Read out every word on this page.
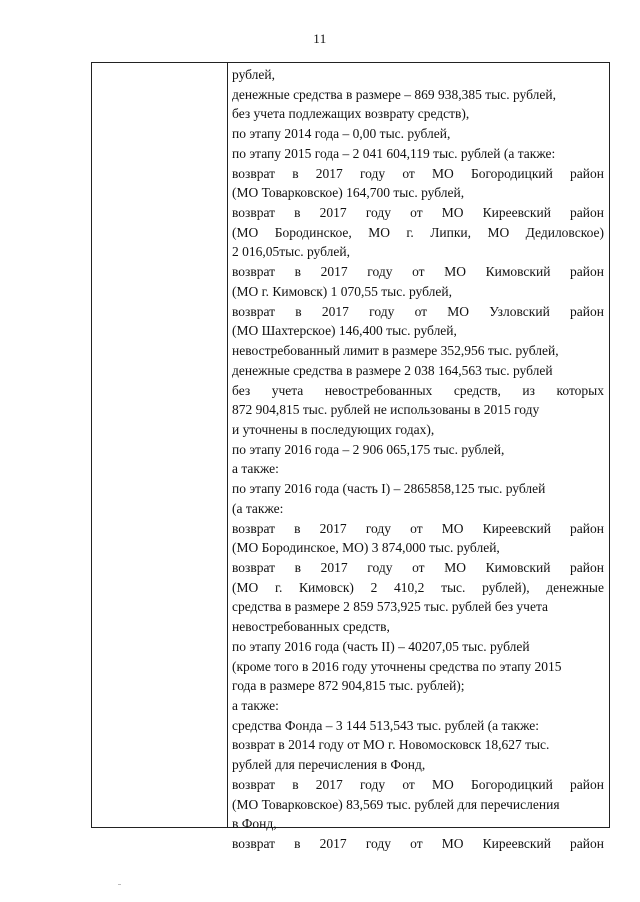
11
рублей,
денежные средства в размере – 869 938,385 тыс. рублей,
без учета подлежащих возврату средств),
по этапу 2014 года – 0,00 тыс. рублей,
по этапу 2015 года – 2 041 604,119 тыс. рублей (а также:
возврат в 2017 году от МО Богородицкий район
(МО Товарковское) 164,700 тыс. рублей,
возврат в 2017 году от МО Киреевский район
(МО Бородинское, МО г. Липки, МО Дедиловское)
2 016,05тыс. рублей,
возврат в 2017 году от МО Кимовский район
(МО г. Кимовск) 1 070,55 тыс. рублей,
возврат в 2017 году от МО Узловский район
(МО Шахтерское) 146,400 тыс. рублей,
невостребованный лимит в размере 352,956 тыс. рублей,
денежные средства в размере 2 038 164,563 тыс. рублей
без учета невостребованных средств, из которых
872 904,815 тыс. рублей не использованы в 2015 году
и уточнены в последующих годах),
по этапу 2016 года – 2 906 065,175 тыс. рублей,
а также:
по этапу 2016 года (часть I) – 2865858,125 тыс. рублей
(а также:
возврат в 2017 году от МО Киреевский район
(МО Бородинское, МО) 3 874,000 тыс. рублей,
возврат в 2017 году от МО Кимовский район
(МО г. Кимовск) 2 410,2 тыс. рублей), денежные
средства в размере 2 859 573,925 тыс. рублей без учета
невостребованных средств,
по этапу 2016 года (часть II) – 40207,05 тыс. рублей
(кроме того в 2016 году уточнены средства по этапу 2015
года в размере 872 904,815 тыс. рублей);
а также:
средства Фонда – 3 144 513,543 тыс. рублей (а также:
возврат в 2014 году от МО г. Новомосковск 18,627 тыс.
рублей для перечисления в Фонд,
возврат в 2017 году от МО Богородицкий район
(МО Товарковское) 83,569 тыс. рублей для перечисления
в Фонд,
возврат в 2017 году от МО Киреевский район
